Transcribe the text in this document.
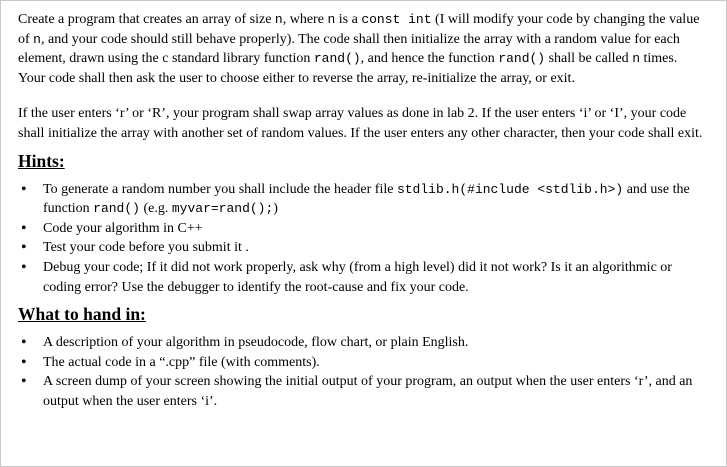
Create a program that creates an array of size n, where n is a const int (I will modify your code by changing the value of n, and your code should still behave properly). The code shall then initialize the array with a random value for each element, drawn using the c standard library function rand(), and hence the function rand() shall be called n times. Your code shall then ask the user to choose either to reverse the array, re-initialize the array, or exit.

If the user enters ‘r’ or ‘R’, your program shall swap array values as done in lab 2. If the user enters ‘i’ or ‘I’, your code shall initialize the array with another set of random values. If the user enters any other character, then your code shall exit.

Hints:
• To generate a random number you shall include the header file stdlib.h(#include <stdlib.h>) and use the function rand() (e.g. myvar=rand();)
• Code your algorithm in C++
• Test your code before you submit it .
• Debug your code; If it did not work properly, ask why (from a high level) did it not work? Is it an algorithmic or coding error? Use the debugger to identify the root-cause and fix your code.
What to hand in:
• A description of your algorithm in pseudocode, flow chart, or plain English.
• The actual code in a “.cpp” file (with comments).
• A screen dump of your screen showing the initial output of your program, an output when the user enters ‘r’, and an output when the user enters ‘i’.
